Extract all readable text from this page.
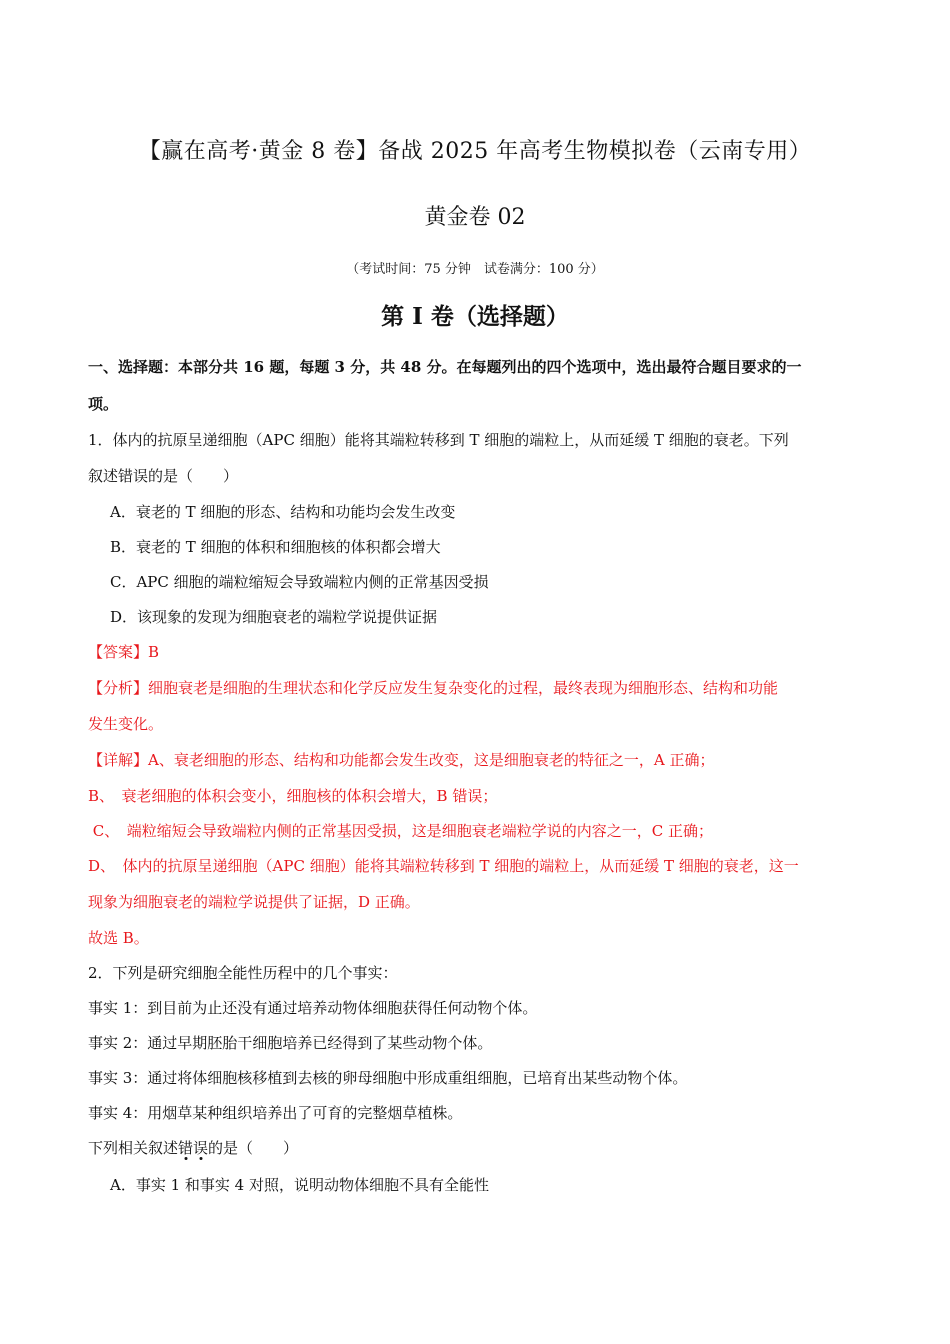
【赢在高考·黄金 8 卷】备战 2025 年高考生物模拟卷（云南专用）
黄金卷 02
（考试时间：75 分钟　试卷满分：100 分）
第 I 卷（选择题）
一、选择题：本部分共 16 题，每题 3 分，共 48 分。在每题列出的四个选项中，选出最符合题目要求的一
项。
1．体内的抗原呈递细胞（APC 细胞）能将其端粒转移到 T 细胞的端粒上，从而延缓 T 细胞的衰老。下列
叙述错误的是（　　）
A．衰老的 T 细胞的形态、结构和功能均会发生改变
B．衰老的 T 细胞的体积和细胞核的体积都会增大
C．APC 细胞的端粒缩短会导致端粒内侧的正常基因受损
D．该现象的发现为细胞衰老的端粒学说提供证据
【答案】B
【分析】细胞衰老是细胞的生理状态和化学反应发生复杂变化的过程，最终表现为细胞形态、结构和功能
发生变化。
【详解】A、衰老细胞的形态、结构和功能都会发生改变，这是细胞衰老的特征之一，A 正确；
B、　衰老细胞的体积会变小，细胞核的体积会增大，B 错误；
C、　端粒缩短会导致端粒内侧的正常基因受损，这是细胞衰老端粒学说的内容之一，C 正确；
D、　体内的抗原呈递细胞（APC 细胞）能将其端粒转移到 T 细胞的端粒上，从而延缓 T 细胞的衰老，这一
现象为细胞衰老的端粒学说提供了证据，D 正确。
故选 B。
2．下列是研究细胞全能性历程中的几个事实：
事实 1：到目前为止还没有通过培养动物体细胞获得任何动物个体。
事实 2：通过早期胚胎干细胞培养已经得到了某些动物个体。
事实 3：通过将体细胞核移植到去核的卵母细胞中形成重组细胞，已培育出某些动物个体。
事实 4：用烟草某种组织培养出了可育的完整烟草植株。
下列相关叙述错
误
的是（　　）
A．事实 1 和事实 4 对照，说明动物体细胞不具有全能性
